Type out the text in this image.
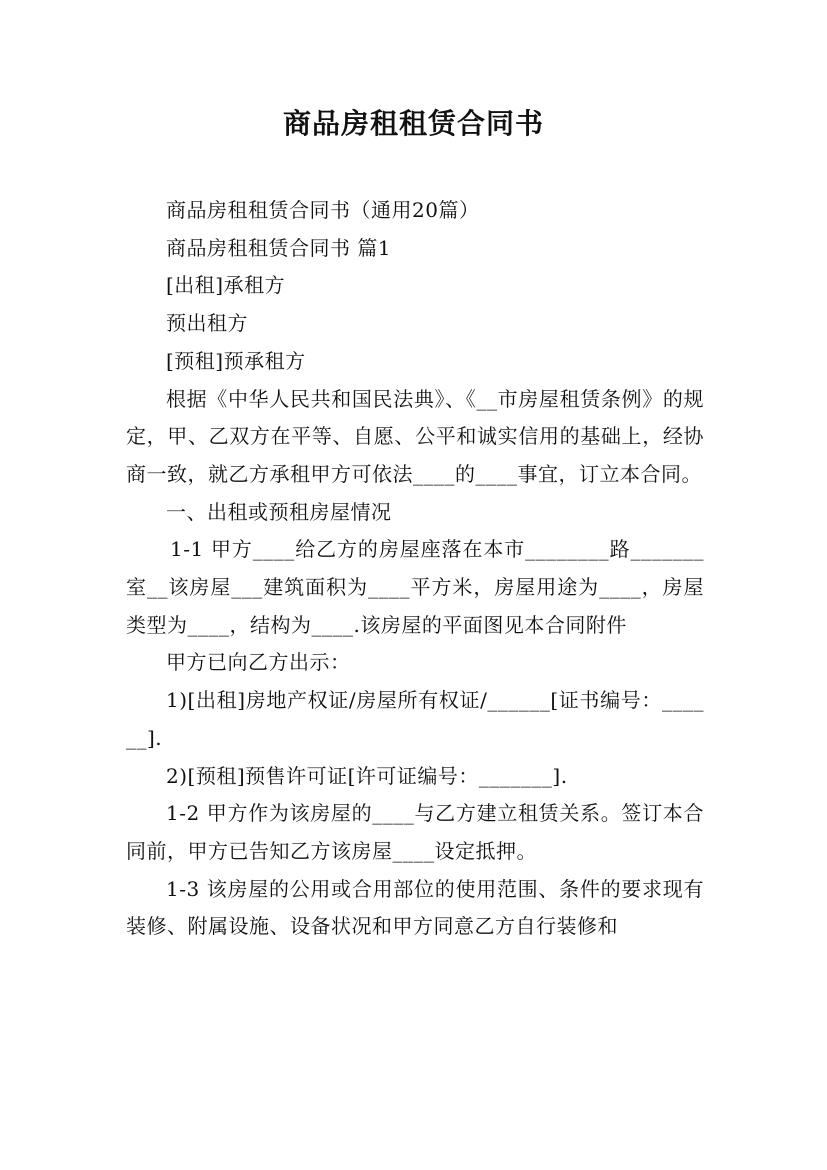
商品房租租赁合同书

商品房租租赁合同书（通用20篇）

商品房租租赁合同书 篇1

[出租]承租方

预出租方

[预租]预承租方

根据《中华人民共和国民法典》、《__市房屋租赁条例》的规定，甲、乙双方在平等、自愿、公平和诚实信用的基础上，经协商一致，就乙方承租甲方可依法____的____事宜，订立本合同。

一、出租或预租房屋情况

1-1 甲方____给乙方的房屋座落在本市________路_______室__该房屋___建筑面积为____平方米，房屋用途为____，房屋类型为____，结构为____.该房屋的平面图见本合同附件

甲方已向乙方出示：

1)[出租]房地产权证/房屋所有权证/______[证书编号：______].

2)[预租]预售许可证[许可证编号：_______].

1-2 甲方作为该房屋的____与乙方建立租赁关系。签订本合同前，甲方已告知乙方该房屋____设定抵押。

1-3 该房屋的公用或合用部位的使用范围、条件的要求现有装修、附属设施、设备状况和甲方同意乙方自行装修和
